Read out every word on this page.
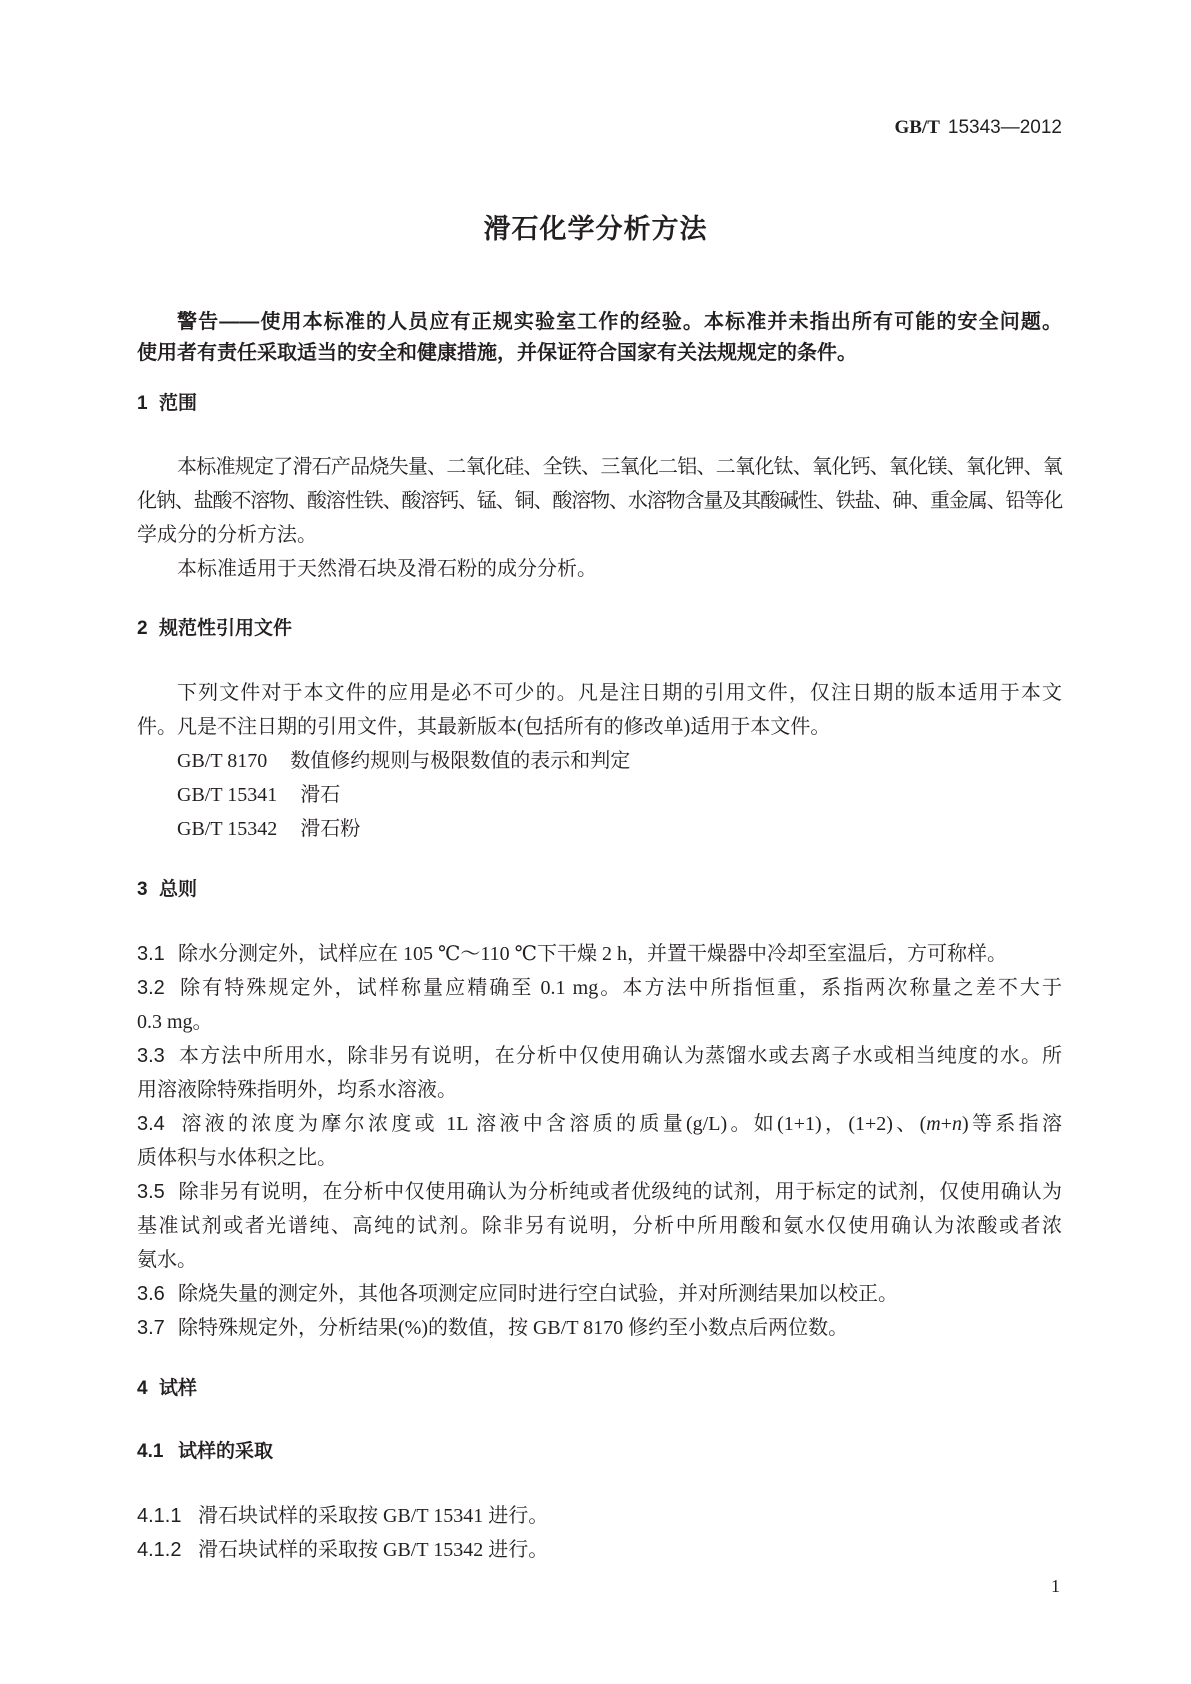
GB/T 15343—2012
滑石化学分析方法
警告——使用本标准的人员应有正规实验室工作的经验。本标准并未指出所有可能的安全问题。
使用者有责任采取适当的安全和健康措施，并保证符合国家有关法规规定的条件。
1 范围
本标准规定了滑石产品烧失量、二氧化硅、全铁、三氧化二铝、二氧化钛、氧化钙、氧化镁、氧化钾、氧
化钠、盐酸不溶物、酸溶性铁、酸溶钙、锰、铜、酸溶物、水溶物含量及其酸碱性、铁盐、砷、重金属、铅等化
学成分的分析方法。
本标准适用于天然滑石块及滑石粉的成分分析。
2 规范性引用文件
下列文件对于本文件的应用是必不可少的。凡是注日期的引用文件，仅注日期的版本适用于本文
件。凡是不注日期的引用文件，其最新版本(包括所有的修改单)适用于本文件。
GB/T 8170 数值修约规则与极限数值的表示和判定
GB/T 15341 滑石
GB/T 15342 滑石粉
3 总则
3.1 除水分测定外，试样应在 105 ℃～110 ℃下干燥 2 h，并置干燥器中冷却至室温后，方可称样。
3.2 除有特殊规定外，试样称量应精确至 0.1 mg。本方法中所指恒重，系指两次称量之差不大于
0.3 mg。
3.3 本方法中所用水，除非另有说明，在分析中仅使用确认为蒸馏水或去离子水或相当纯度的水。所
用溶液除特殊指明外，均系水溶液。
3.4 溶液的浓度为摩尔浓度或 1L 溶液中含溶质的质量(g/L)。如(1+1)，(1+2)、(m+n)等系指溶
质体积与水体积之比。
3.5 除非另有说明，在分析中仅使用确认为分析纯或者优级纯的试剂，用于标定的试剂，仅使用确认为
基准试剂或者光谱纯、高纯的试剂。除非另有说明，分析中所用酸和氨水仅使用确认为浓酸或者浓
氨水。
3.6 除烧失量的测定外，其他各项测定应同时进行空白试验，并对所测结果加以校正。
3.7 除特殊规定外，分析结果(%)的数值，按 GB/T 8170 修约至小数点后两位数。
4 试样
4.1 试样的采取
4.1.1 滑石块试样的采取按 GB/T 15341 进行。
4.1.2 滑石块试样的采取按 GB/T 15342 进行。
1
